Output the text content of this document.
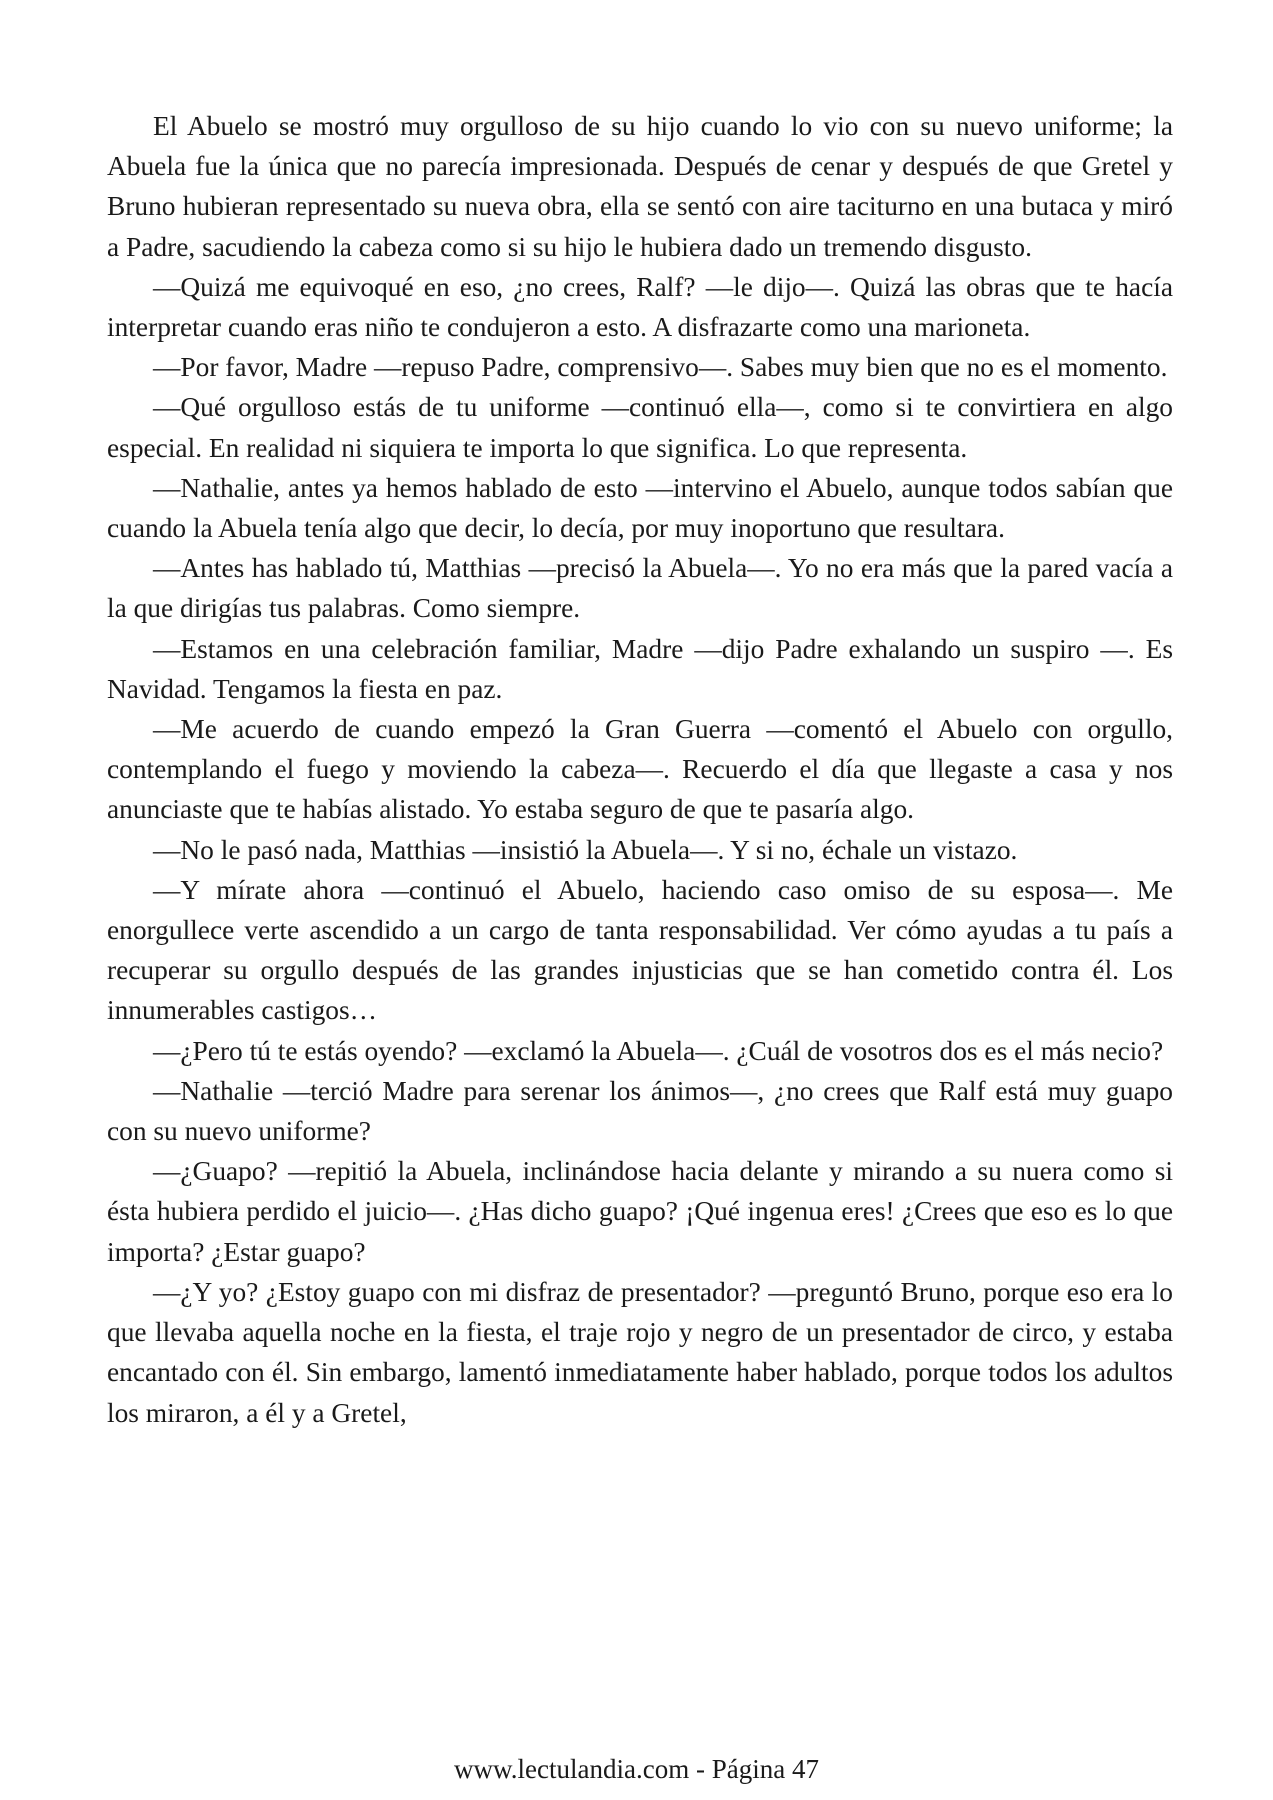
El Abuelo se mostró muy orgulloso de su hijo cuando lo vio con su nuevo uniforme; la Abuela fue la única que no parecía impresionada. Después de cenar y después de que Gretel y Bruno hubieran representado su nueva obra, ella se sentó con aire taciturno en una butaca y miró a Padre, sacudiendo la cabeza como si su hijo le hubiera dado un tremendo disgusto.

—Quizá me equivoqué en eso, ¿no crees, Ralf? —le dijo—. Quizá las obras que te hacía interpretar cuando eras niño te condujeron a esto. A disfrazarte como una marioneta.

—Por favor, Madre —repuso Padre, comprensivo—. Sabes muy bien que no es el momento.

—Qué orgulloso estás de tu uniforme —continuó ella—, como si te convirtiera en algo especial. En realidad ni siquiera te importa lo que significa. Lo que representa.

—Nathalie, antes ya hemos hablado de esto —intervino el Abuelo, aunque todos sabían que cuando la Abuela tenía algo que decir, lo decía, por muy inoportuno que resultara.

—Antes has hablado tú, Matthias —precisó la Abuela—. Yo no era más que la pared vacía a la que dirigías tus palabras. Como siempre.

—Estamos en una celebración familiar, Madre —dijo Padre exhalando un suspiro —. Es Navidad. Tengamos la fiesta en paz.

—Me acuerdo de cuando empezó la Gran Guerra —comentó el Abuelo con orgullo, contemplando el fuego y moviendo la cabeza—. Recuerdo el día que llegaste a casa y nos anunciaste que te habías alistado. Yo estaba seguro de que te pasaría algo.

—No le pasó nada, Matthias —insistió la Abuela—. Y si no, échale un vistazo.

—Y mírate ahora —continuó el Abuelo, haciendo caso omiso de su esposa—. Me enorgullece verte ascendido a un cargo de tanta responsabilidad. Ver cómo ayudas a tu país a recuperar su orgullo después de las grandes injusticias que se han cometido contra él. Los innumerables castigos…

—¿Pero tú te estás oyendo? —exclamó la Abuela—. ¿Cuál de vosotros dos es el más necio?

—Nathalie —terció Madre para serenar los ánimos—, ¿no crees que Ralf está muy guapo con su nuevo uniforme?

—¿Guapo? —repitió la Abuela, inclinándose hacia delante y mirando a su nuera como si ésta hubiera perdido el juicio—. ¿Has dicho guapo? ¡Qué ingenua eres! ¿Crees que eso es lo que importa? ¿Estar guapo?

—¿Y yo? ¿Estoy guapo con mi disfraz de presentador? —preguntó Bruno, porque eso era lo que llevaba aquella noche en la fiesta, el traje rojo y negro de un presentador de circo, y estaba encantado con él. Sin embargo, lamentó inmediatamente haber hablado, porque todos los adultos los miraron, a él y a Gretel,

www.lectulandia.com - Página 47
